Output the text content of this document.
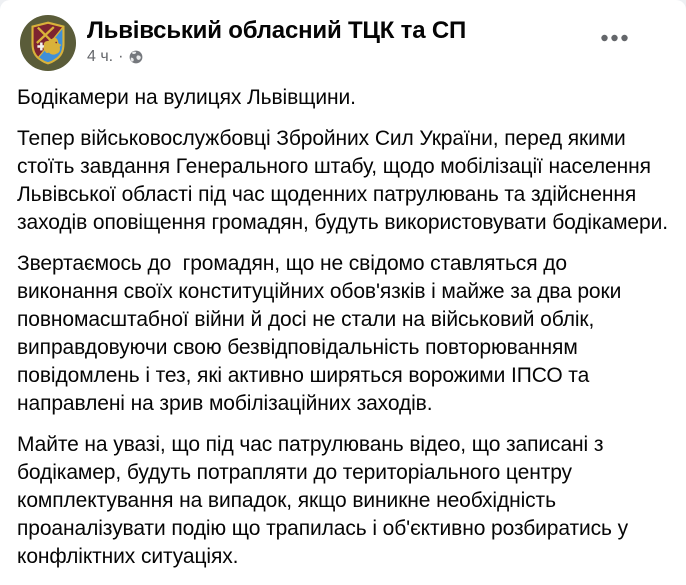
Львівський обласний ТЦК та СП
4 ч. ·

Бодікамери на вулицях Львівщини.

Тепер військовослужбовці Збройних Сил України, перед якими стоїть завдання Генерального штабу, щодо мобілізації населення Львівської області під час щоденних патрулювань та здійснення заходів оповіщення громадян, будуть використовувати бодікамери.

Звертаємось до  громадян, що не свідомо ставляться до виконання своїх конституційних обов'язків і майже за два роки повномасштабної війни й досі не стали на військовий облік, виправдовуючи свою безвідповідальність повторюванням повідомлень і тез, які активно ширяться ворожими ІПСО та направлені на зрив мобілізаційних заходів.

Майте на увазі, що під час патрулювань відео, що записані з бодікамер, будуть потрапляти до територіального центру комплектування на випадок, якщо виникне необхідність проаналізувати подію що трапилась і об'єктивно розбиратись у конфліктних ситуаціях.
